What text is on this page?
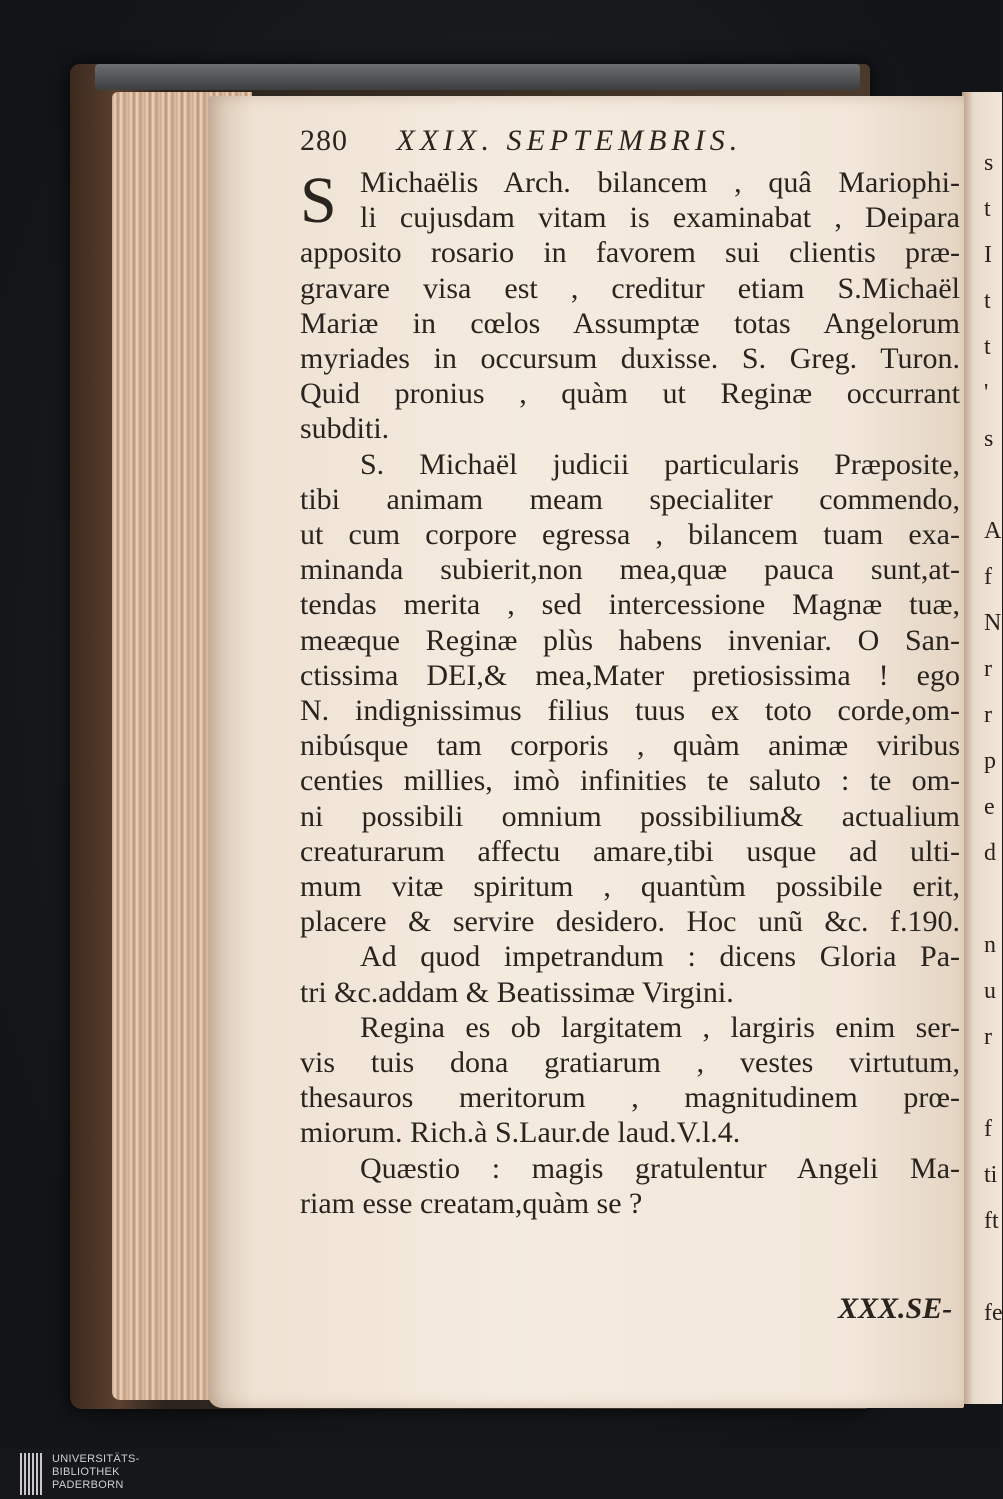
s
t
I
t
t
'
s

A
f
N
r
r
p
e
d

n
u
r

f
ti
ft

fe
280 XXIX. SEPTEMBRIS.
S Michaëlis Arch. bilancem , quâ Mariophi-
li cujusdam vitam is examinabat , Deipara
apposito rosario in favorem sui clientis præ-
gravare visa est , creditur etiam S.Michaël
Mariæ in cœlos Assumptæ totas Angelorum
myriades in occursum duxisse. S. Greg. Turon.
Quid pronius , quàm ut Reginæ occurrant
subditi.
S. Michaël judicii particularis Præposite,
tibi animam meam specialiter commendo,
ut cum corpore egressa , bilancem tuam exa-
minanda subierit,non mea,quæ pauca sunt,at-
tendas merita , sed intercessione Magnæ tuæ,
meæque Reginæ plùs habens inveniar. O San-
ctissima DEI,& mea,Mater pretiosissima ! ego
N. indignissimus filius tuus ex toto corde,om-
nibúsque tam corporis , quàm animæ viribus
centies millies, imò infinities te saluto : te om-
ni possibili omnium possibilium& actualium
creaturarum affectu amare,tibi usque ad ulti-
mum vitæ spiritum , quantùm possibile erit,
placere & servire desidero. Hoc unũ &c. f.190.
Ad quod impetrandum : dicens Gloria Pa-
tri &c.addam & Beatissimæ Virgini.
Regina es ob largitatem , largiris enim ser-
vis tuis dona gratiarum , vestes virtutum,
thesauros meritorum , magnitudinem prœ-
miorum. Rich.à S.Laur.de laud.V.l.4.
Quæstio : magis gratulentur Angeli Ma-
riam esse creatam,quàm se ?
XXX.SE-
UNIVERSITÄTS-
BIBLIOTHEK
PADERBORN
